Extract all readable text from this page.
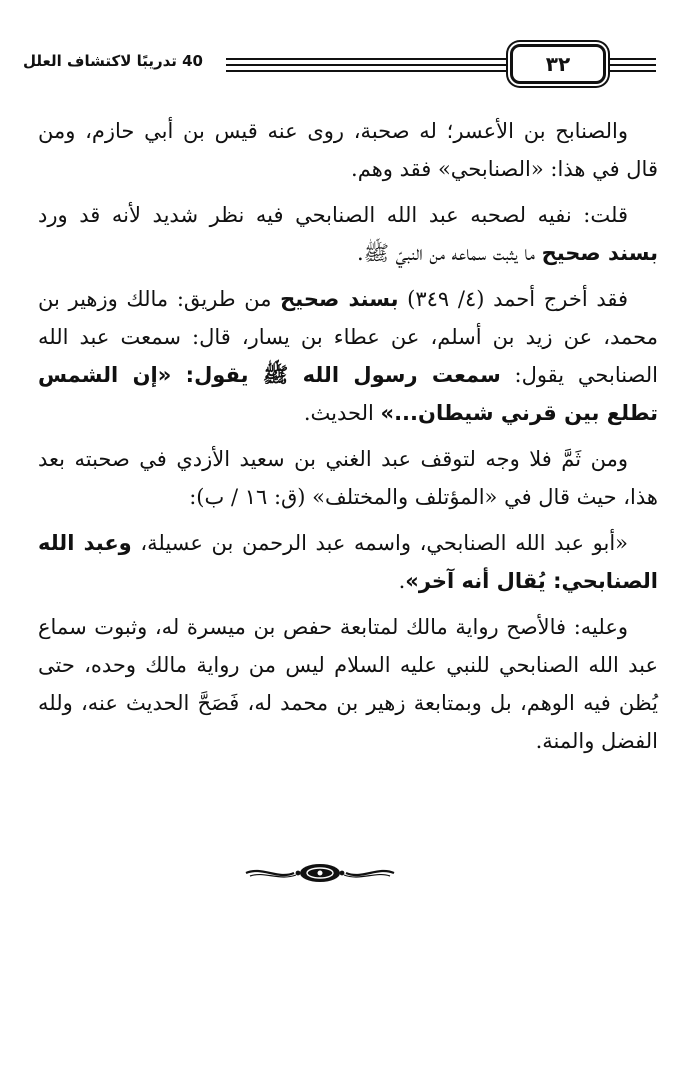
40 تدريبًا لاكتشاف العلل	٣٢

والصنابح بن الأعسر؛ له صحبة، روى عنه قيس بن أبي حازم، ومن قال في هذا: «الصنابحي» فقد وهم.

قلت: نفيه لصحبه عبد الله الصنابحي فيه نظر شديد لأنه قد ورد بسند صحيح ما يثبت سماعه من النبيّ ﷺ.

فقد أخرج أحمد (٤/ ٣٤٩) بسند صحيح من طريق: مالك وزهير بن محمد، عن زيد بن أسلم، عن عطاء بن يسار، قال: سمعت عبد الله الصنابحي يقول: سمعت رسول الله ﷺ يقول: «إن الشمس تطلع بين قرني شيطان...» الحديث.

ومن ثَمَّ فلا وجه لتوقف عبد الغني بن سعيد الأزدي في صحبته بعد هذا، حيث قال في «المؤتلف والمختلف» (ق: ١٦ / ب):

«أبو عبد الله الصنابحي، واسمه عبد الرحمن بن عسيلة، وعبد الله الصنابحي: يُقال أنه آخر».

وعليه: فالأصح رواية مالك لمتابعة حفص بن ميسرة له، وثبوت سماع عبد الله الصنابحي للنبي عليه السلام ليس من رواية مالك وحده، حتى يُظن فيه الوهم، بل وبمتابعة زهير بن محمد له، فَصَحَّ الحديث عنه، ولله الفضل والمنة.
